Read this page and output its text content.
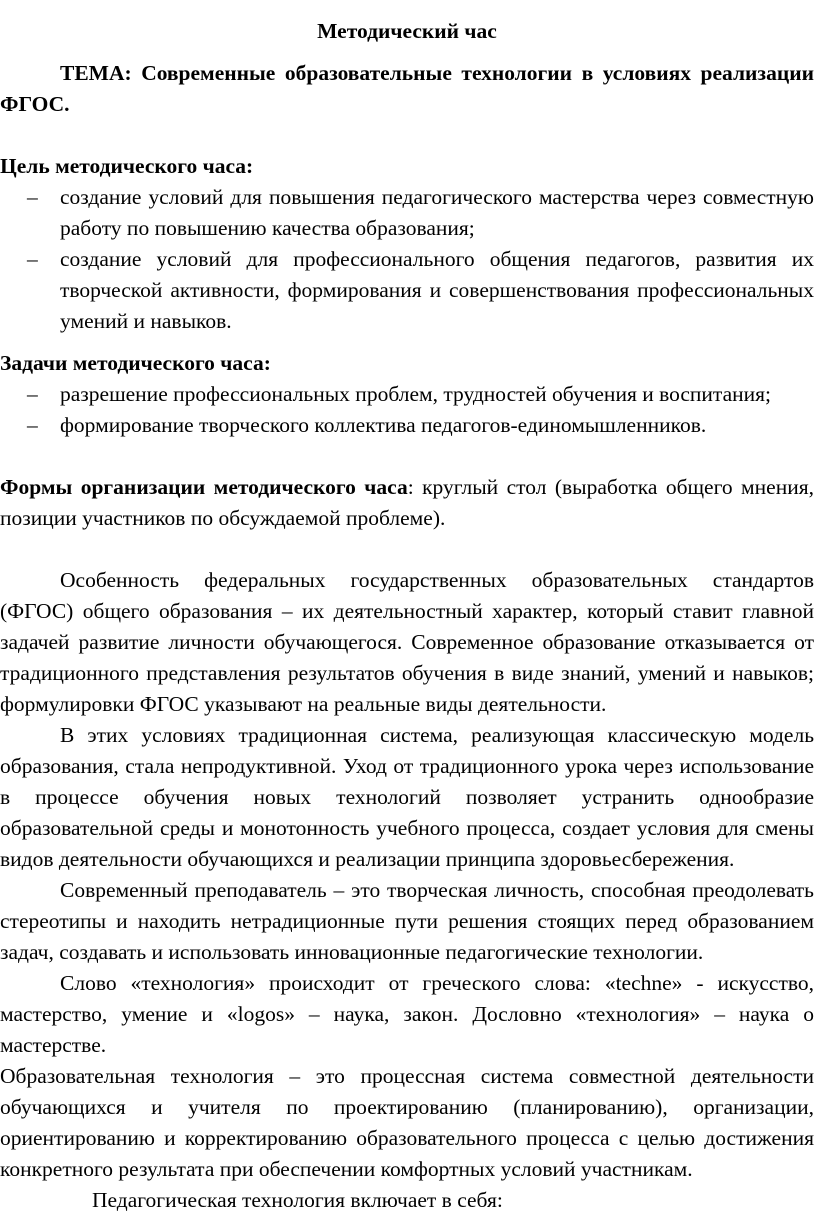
Методический час

ТЕМА: Современные образовательные технологии в условиях реализации ФГОС.

Цель методического часа:

– создание условий для повышения педагогического мастерства через совместную работу по повышению качества образования;
– создание условий для профессионального общения педагогов, развития их творческой активности, формирования и совершенствования профессиональных умений и навыков.

Задачи методического часа:

– разрешение профессиональных проблем, трудностей обучения и воспитания;
– формирование творческого коллектива педагогов-единомышленников.

Формы организации методического часа: круглый стол (выработка общего мнения, позиции участников по обсуждаемой проблеме).

Особенность федеральных государственных образовательных стандартов (ФГОС) общего образования – их деятельностный характер, который ставит главной задачей развитие личности обучающегося. Современное образование отказывается от традиционного представления результатов обучения в виде знаний, умений и навыков; формулировки ФГОС указывают на реальные виды деятельности.

В этих условиях традиционная система, реализующая классическую модель образования, стала непродуктивной. Уход от традиционного урока через использование в процессе обучения новых технологий позволяет устранить однообразие образовательной среды и монотонность учебного процесса, создает условия для смены видов деятельности обучающихся и реализации принципа здоровьесбережения.

Современный преподаватель – это творческая личность, способная преодолевать стереотипы и находить нетрадиционные пути решения стоящих перед образованием задач, создавать и использовать инновационные педагогические технологии.

Слово «технология» происходит от греческого слова: «techne» - искусство, мастерство, умение и «logos» – наука, закон. Дословно «технология» – наука о мастерстве.

Образовательная технология – это процессная система совместной деятельности обучающихся и учителя по проектированию (планированию), организации, ориентированию и корректированию образовательного процесса с целью достижения конкретного результата при обеспечении комфортных условий участникам.

Педагогическая технология включает в себя:
